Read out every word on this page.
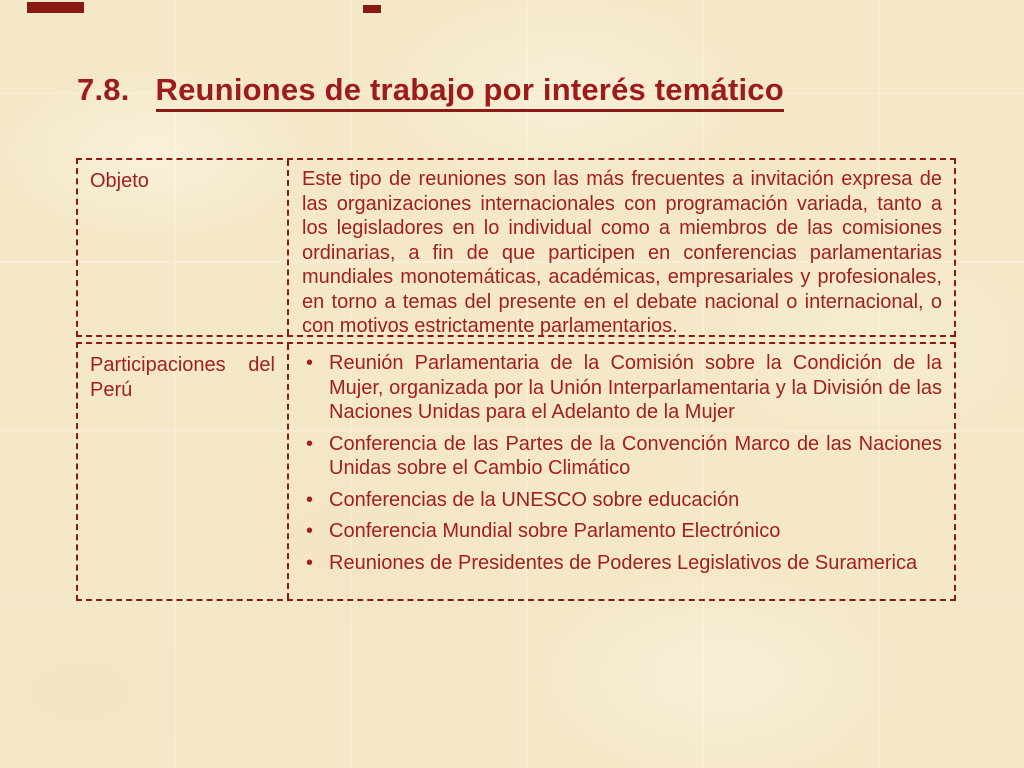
7.8. Reuniones de trabajo por interés temático
Objeto	Este tipo de reuniones son las más frecuentes a invitación expresa de las organizaciones internacionales con programación variada, tanto a los legisladores en lo individual como a miembros de las comisiones ordinarias, a fin de que participen en conferencias parlamentarias mundiales monotemáticas, académicas, empresariales y profesionales, en torno a temas del presente en el debate nacional o internacional, o con motivos estrictamente parlamentarios.

Participaciones del Perú
• Reunión Parlamentaria de la Comisión sobre la Condición de la Mujer, organizada por la Unión Interparlamentaria y la División de las Naciones Unidas para el Adelanto de la Mujer
• Conferencia de las Partes de la Convención Marco de las Naciones Unidas sobre el Cambio Climático
• Conferencias de la UNESCO sobre educación
• Conferencia Mundial sobre Parlamento Electrónico
• Reuniones de Presidentes de Poderes Legislativos de Suramerica
